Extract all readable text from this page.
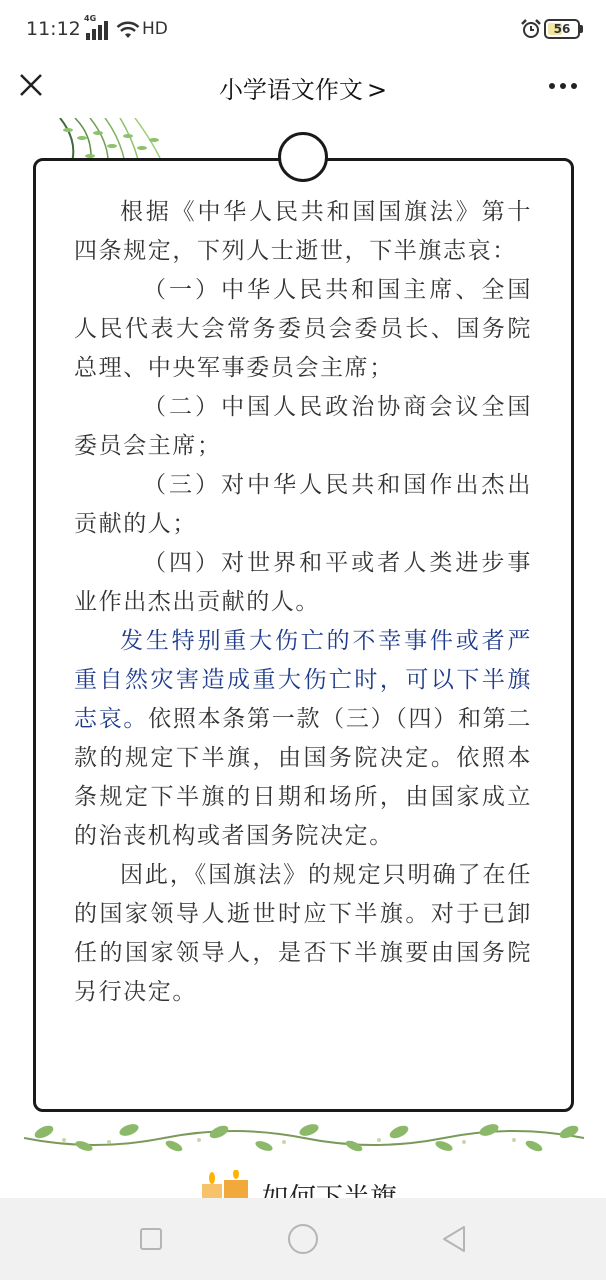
11:12 4G
HD	56
小学语文作文 >

根据《中华人民共和国国旗法》第十四条规定，下列人士逝世，下半旗志哀：

（一）中华人民共和国主席、全国人民代表大会常务委员会委员长、国务院总理、中央军事委员会主席；

（二）中国人民政治协商会议全国委员会主席；

（三）对中华人民共和国作出杰出贡献的人；

（四）对世界和平或者人类进步事业作出杰出贡献的人。

发生特别重大伤亡的不幸事件或者严重自然灾害造成重大伤亡时，可以下半旗志哀。依照本条第一款（三）（四）和第二款的规定下半旗，由国务院决定。依照本条规定下半旗的日期和场所，由国家成立的治丧机构或者国务院决定。

因此，《国旗法》的规定只明确了在任的国家领导人逝世时应下半旗。对于已卸任的国家领导人，是否下半旗要由国务院另行决定。
